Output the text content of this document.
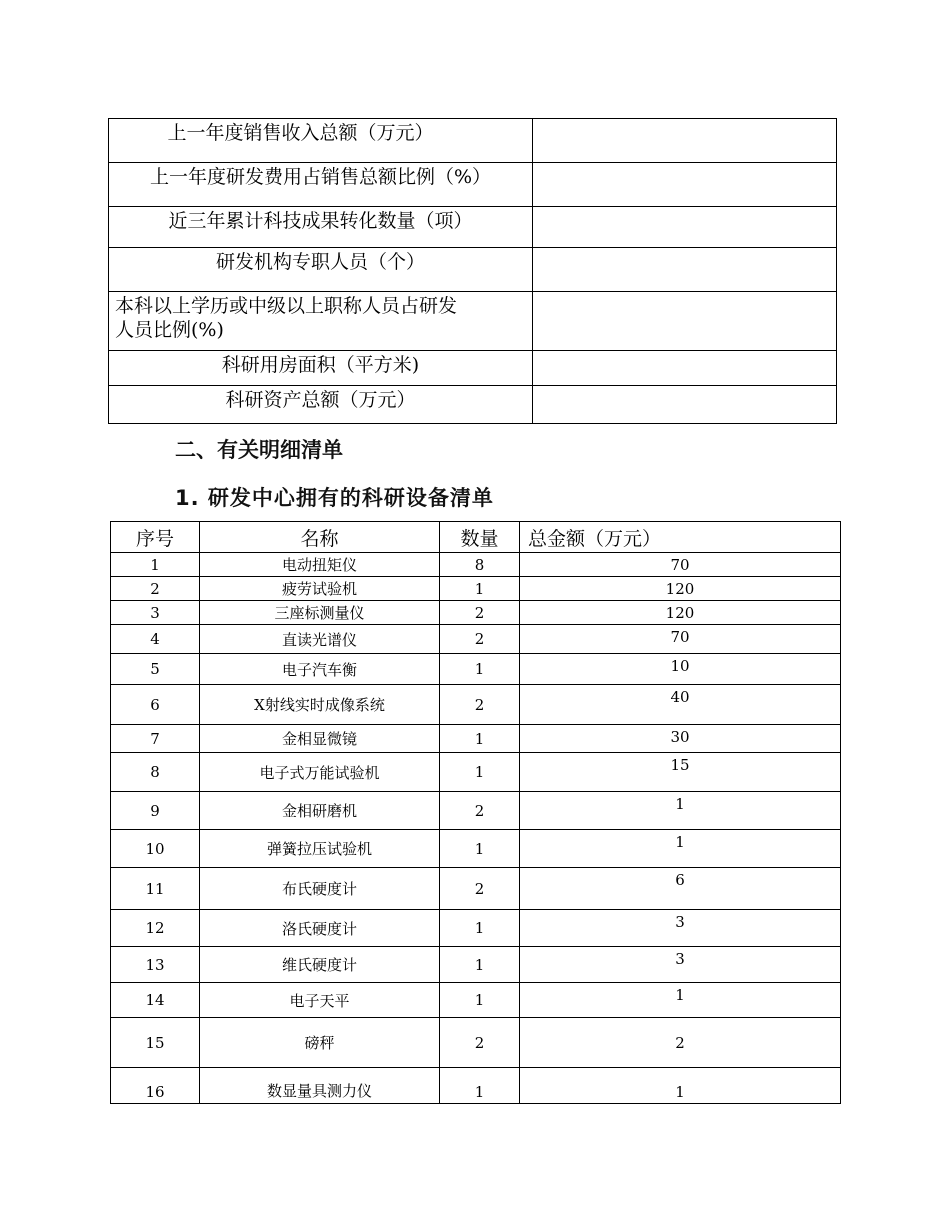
上一年度销售收入总额（万元）	
上一年度研发费用占销售总额比例（%）	
近三年累计科技成果转化数量（项）	
研发机构专职人员（个）	

本科以上学历或中级以上职称人员占研发
人员比例(%)	

科研用房面积（平方米)	
科研资产总额（万元）	
二、有关明细清单
1. 研发中心拥有的科研设备清单
序号	名称	数量	总金额（万元）
1	电动扭矩仪	8	70
2	疲劳试验机	1	120
3	三座标测量仪	2	120
4	直读光谱仪	2	70
5	电子汽车衡	1	10
6	X射线实时成像系统	2	40
7	金相显微镜	1	30
8	电子式万能试验机	1	15
9	金相研磨机	2	1
10	弹簧拉压试验机	1	1
11	布氏硬度计	2	6
12	洛氏硬度计	1	3
13	维氏硬度计	1	3
14	电子天平	1	1
15	磅秤	2	2
16	数显量具测力仪	1	1
